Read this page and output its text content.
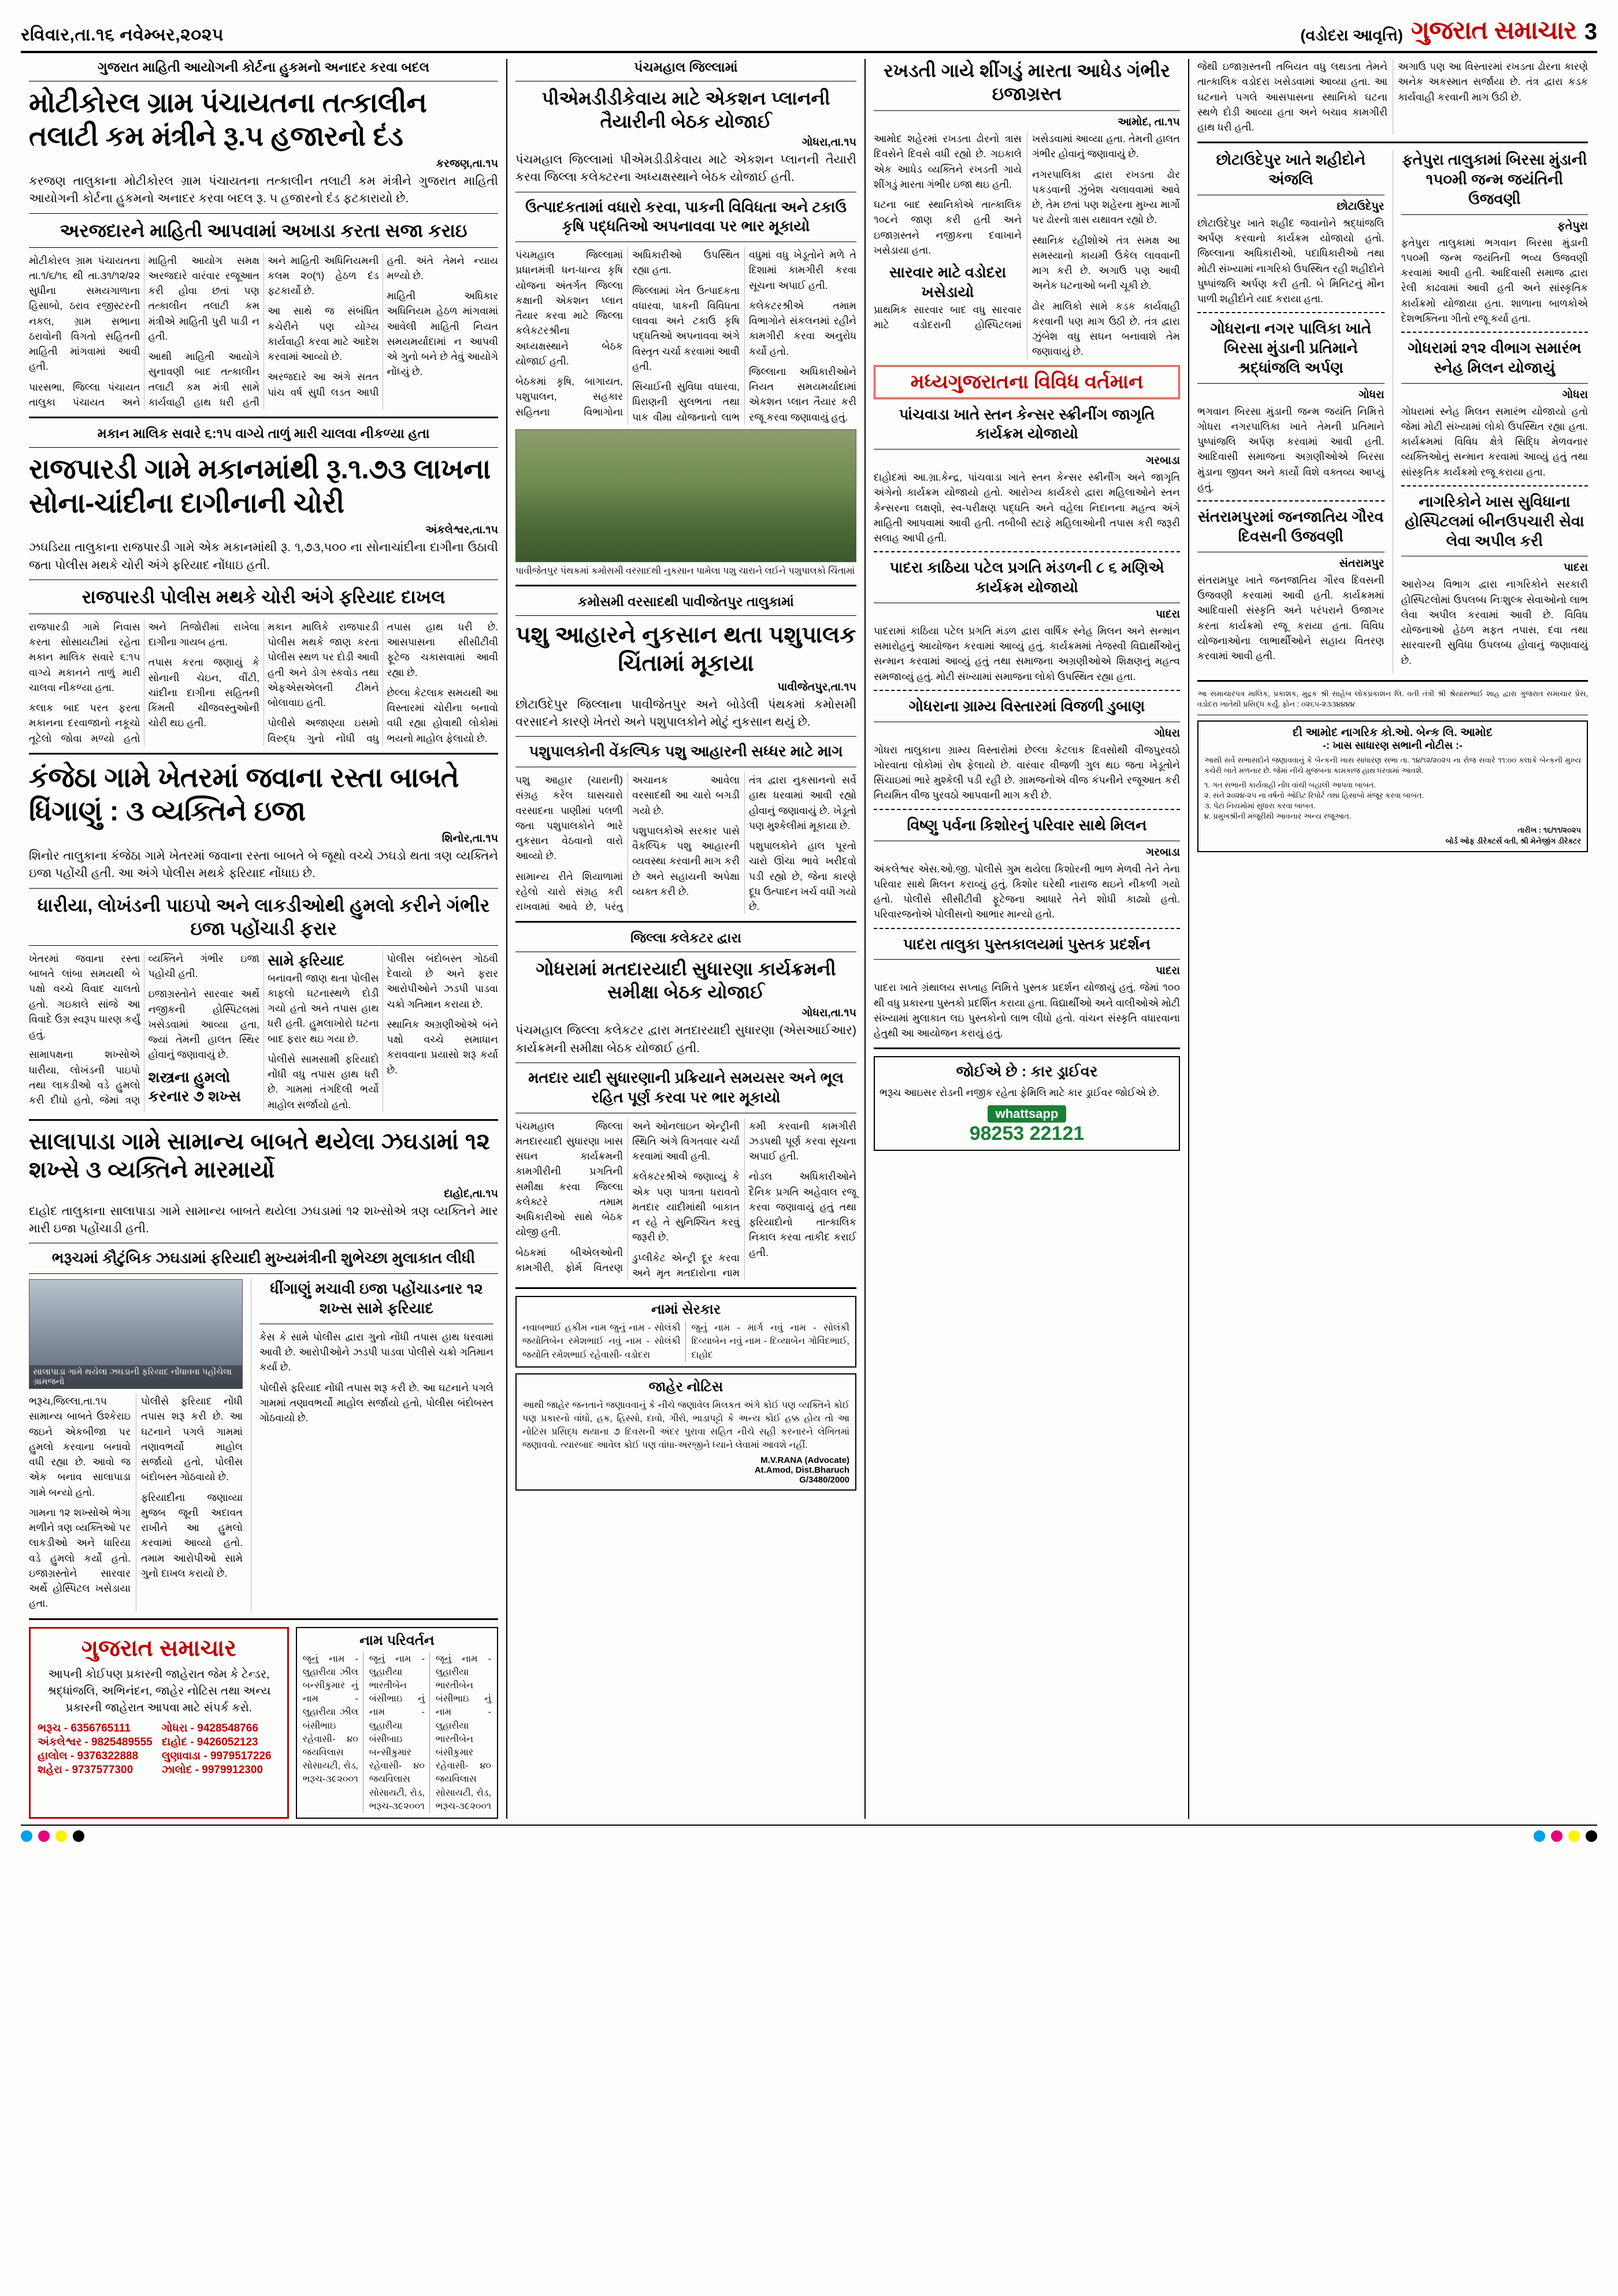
રવિવાર,તા.૧૬ નવેમ્બર,૨૦૨૫	(વડોદરા આવૃત્તિ) ગુજરાત સમાચાર 3
ગુજરાત માહિતી આયોગની કોર્ટના હુકમનો અનાદર કરવા બદલ
મોટીકોરલ ગ્રામ પંચાયતના તત્કાલીન તલાટી કમ મંત્રીને રૂ.૫ હજારનો દંડ
કરજણ,તા.૧૫
કરજણ તાલુકાના મોટીકોરલ ગ્રામ પંચાયતના તત્કાલીન તલાટી કમ મંત્રીને ગુજરાત માહિતી આયોગની કોર્ટના હુકમનો અનાદર કરવા બદલ રૂ. ૫ હજારનો દંડ ફટકારાયો છે.
અરજદારને માહિતી આપવામાં અખાડા કરતા સજા કરાઇ

મોટીકોરલ ગ્રામ પંચાયતના તા.૧/૬/૧૬ થી તા.૩૧/૧૨/૨૨ સુધીના સમયગાળાના હિસાબો, ઠરાવ રજીસ્ટરની નકલ, ગ્રામ સભાના ઠરાવોની વિગતો સહિતની માહિતી માંગવામાં આવી હતી.

પારસભા, જિલ્લા પંચાયત તાલુકા પંચાયત અને માહિતી આયોગ સમક્ષ અરજદારે વારંવાર રજૂઆત કરી હોવા છતાં પણ તત્કાલીન તલાટી કમ મંત્રીએ માહિતી પુરી પાડી ન હતી.

આથી માહિતી આયોગે સુનાવણી બાદ તત્કાલીન તલાટી કમ મંત્રી સામે કાર્યવાહી હાથ ધરી હતી અને માહિતી અધિનિયમની કલમ ૨૦(૧) હેઠળ દંડ ફટકાર્યો છે.

આ સાથે જ સંબંધિત કચેરીને પણ યોગ્ય કાર્યવાહી કરવા માટે આદેશ કરવામાં આવ્યો છે.

અરજદારે આ અંગે સતત પાંચ વર્ષ સુધી લડત આપી હતી. અંતે તેમને ન્યાય મળ્યો છે.

માહિતી અધિકાર અધિનિયમ હેઠળ માંગવામાં આવેલી માહિતી નિયત સમયમર્યાદામાં ન આપવી એ ગુનો બને છે તેવું આયોગે નોંધ્યું છે.

મકાન માલિક સવારે ૬:૧૫ વાગ્યે તાળું મારી ચાલવા નીકળ્યા હતા
રાજપારડી ગામે મકાનમાંથી રૂ.૧.૭૩ લાખના સોના-ચાંદીના દાગીનાની ચોરી
અંકલેશ્વર,તા.૧૫
ઝઘડિયા તાલુકાના રાજપારડી ગામે એક મકાનમાંથી રૂ. ૧,૭૩,૫૦૦ ના સોનાચાંદીના દાગીના ઉઠાવી જતા પોલીસ મથકે ચોરી અંગે ફરિયાદ નોંધાઇ હતી.
રાજપારડી પોલીસ મથકે ચોરી અંગે ફરિયાદ દાખલ

રાજપારડી ગામે નિવાસ કરતા સોસાયટીમાં રહેતા મકાન માલિક સવારે ૬:૧૫ વાગ્યે મકાનને તાળું મારી ચાલવા નીકળ્યા હતા.

કલાક બાદ પરત ફરતા મકાનના દરવાજાનો નકૂચો તૂટેલો જોવા મળ્યો હતો અને તિજોરીમાં રાખેલા દાગીના ગાયબ હતા.

તપાસ કરતા જણાયું કે સોનાની ચેઇન, વીંટી, ચાંદીના દાગીના સહિતની કિંમતી ચીજવસ્તુઓની ચોરી થઇ હતી.

મકાન માલિકે રાજપારડી પોલીસ મથકે જાણ કરતા પોલીસ સ્થળ પર દોડી આવી હતી અને ડોગ સ્કવોડ તથા એફએસએલની ટીમને બોલાવાઇ હતી.

પોલીસે અજાણ્યા ઇસમો વિરુદ્ધ ગુનો નોંધી વધુ તપાસ હાથ ધરી છે. આસપાસના સીસીટીવી ફૂટેજ ચકાસવામાં આવી રહ્યા છે.

છેલ્લા કેટલાક સમયથી આ વિસ્તારમાં ચોરીના બનાવો વધી રહ્યા હોવાથી લોકોમાં ભયનો માહોલ ફેલાયો છે.

કંજેઠા ગામે ખેતરમાં જવાના રસ્તા બાબતે ધિંગાણું : ૩ વ્યક્તિને ઇજા
શિનોર,તા.૧૫
શિનોર તાલુકાના કંજેઠા ગામે ખેતરમાં જવાના રસ્તા બાબતે બે જૂથો વચ્ચે ઝઘડો થતા ત્રણ વ્યક્તિને ઇજા પહોંચી હતી. આ અંગે પોલીસ મથકે ફરિયાદ નોંધાઇ છે.
ધારીયા, લોખંડની પાઇપો અને લાકડીઓથી હુમલો કરીને ગંભીર ઇજા પહોંચાડી ફરાર

ખેતરમાં જવાના રસ્તા બાબતે લાંબા સમયથી બે પક્ષો વચ્ચે વિવાદ ચાલતો હતો. ગઇકાલે સાંજે આ વિવાદે ઉગ્ર સ્વરૂપ ધારણ કર્યું હતું.

સામાપક્ષના શખ્સોએ ધારીયા, લોખંડની પાઇપો તથા લાકડીઓ વડે હુમલો કરી દીધો હતો, જેમાં ત્રણ વ્યક્તિને ગંભીર ઇજા પહોંચી હતી.

ઇજાગ્રસ્તોને સારવાર અર્થે નજીકની હોસ્પિટલમાં ખસેડવામાં આવ્યા હતા, જ્યાં તેમની હાલત સ્થિર હોવાનું જણાવાયું છે.

શસ્ત્રના હુમલો કરનાર ૭ શખ્સ સામે ફરિયાદ

બનાવની જાણ થતા પોલીસ કાફલો ઘટનાસ્થળે દોડી ગયો હતો અને તપાસ હાથ ધરી હતી. હુમલાખોરો ઘટના બાદ ફરાર થઇ ગયા છે.

પોલીસે સામસામી ફરિયાદો નોંધી વધુ તપાસ હાથ ધરી છે. ગામમાં તંગદિલી ભર્યો માહોલ સર્જાયો હતો.

પોલીસ બંદોબસ્ત ગોઠવી દેવાયો છે અને ફરાર આરોપીઓને ઝડપી પાડવા ચક્રો ગતિમાન કરાયા છે.

સ્થાનિક અગ્રણીઓએ બંને પક્ષો વચ્ચે સમાધાન કરાવવાના પ્રયાસો શરૂ કર્યા છે.

સાલાપાડા ગામે સામાન્ય બાબતે થયેલા ઝઘડામાં ૧૨ શખ્સે ૩ વ્યક્તિને મારમાર્યો
દાહોદ,તા.૧૫
દાહોદ તાલુકાના સાલાપાડા ગામે સામાન્ય બાબતે થયેલા ઝઘડામાં ૧૨ શખ્સોએ ત્રણ વ્યક્તિને માર મારી ઇજા પહોંચાડી હતી.
ભરૂચમાં કૌટુંબિક ઝઘડામાં ફરિયાદી મુખ્યમંત્રીની શુભેચ્છા મુલાકાત લીધી
સાલાપાડા ગામે થયેલા ઝઘડાની ફરિયાદ નોંધાવવા પહોંચેલા ગ્રામજનો

ભરૂચ,જિલ્લા,તા.૧૫ સામાન્ય બાબતે ઉશ્કેરાઇ જઇને એકબીજા પર હુમલો કરવાના બનાવો વધી રહ્યા છે. આવો જ એક બનાવ સાલાપાડા ગામે બન્યો હતો.

ગામના ૧૨ શખ્સોએ ભેગા મળીને ત્રણ વ્યક્તિઓ પર લાકડીઓ અને ધારિયા વડે હુમલો કર્યો હતો. ઇજાગ્રસ્તોને સારવાર અર્થે હોસ્પિટલ ખસેડાયા હતા.

પોલીસે ફરિયાદ નોંધી તપાસ શરૂ કરી છે. આ ઘટનાને પગલે ગામમાં તણાવભર્યો માહોલ સર્જાયો હતો, પોલીસ બંદોબસ્ત ગોઠવાયો છે.

ફરિયાદીના જણાવ્યા મુજબ જૂની અદાવત રાખીને આ હુમલો કરવામાં આવ્યો હતો. તમામ આરોપીઓ સામે ગુનો દાખલ કરાયો છે.

ધીંગાણું મચાવી ઇજા પહોંચાડનાર ૧૨ શખ્સ સામે ફરિયાદ

કેસ કે સામે પોલીસ દ્વારા ગુનો નોંધી તપાસ હાથ ધરવામાં આવી છે. આરોપીઓને ઝડપી પાડવા પોલીસે ચક્રો ગતિમાન કર્યા છે.

પોલીસે ફરિયાદ નોંધી તપાસ શરૂ કરી છે. આ ઘટનાને પગલે ગામમાં તણાવભર્યો માહોલ સર્જાયો હતો, પોલીસ બંદોબસ્ત ગોઠવાયો છે.

ગુજરાત સમાચાર
આપની કોઈપણ પ્રકારની જાહેરાત જેમ કે ટેન્ડર, શ્રદ્ધાંજલિ, અભિનંદન, જાહેર નોટિસ તથા અન્ય પ્રકારની જાહેરાત આપવા માટે સંપર્ક કરો.
ભરૂચ - 6356765111	ગોધરા - 9428548766
અંકલેશ્વર - 9825489555 દાહોદ - 9426052123
હાલોલ - 9376322888	લુણાવાડા - 9979517226
શહેરા - 9737577300	ઝાલોદ - 9979912300
નામ પરિવર્તન
જૂનું નામ - લુહારીયા ઝીલ બન્સીકુમાર નું નામ - લુહારીયા ઝીલ બંસીભાઇ રહેવાસી- ૪૦ જયવિલાસ સોસાયટી, રોડ, ભરૂચ-૩૯૨૦૦૧
જૂનું નામ - લુહારીયા ભારતીબેન બંસીભાઇ નું નામ - લુહારીયા બંસીબાઇ બન્સીકુમાર રહેવાસી- ૪૦ જયવિલાસ સોસાયટી, રોડ, ભરૂચ-૩૯૨૦૦૧
જૂનું નામ - લુહારીયા ભારતીબેન બંસીભાઇ નું નામ - લુહારીયા ભારતીબેન બંસીકુમાર રહેવાસી- ૪૦ જયવિલાસ સોસાયટી, રોડ, ભરૂચ-૩૯૨૦૦૧
પંચમહાલ જિલ્લામાં
પીએમડીડીકેવાય માટે એકશન પ્લાનની તૈયારીની બેઠક યોજાઈ
ગોધરા,તા.૧૫
પંચમહાલ જિલ્લામાં પીએમડીડીકેવાય માટે એકશન પ્લાનની તૈયારી કરવા જિલ્લા કલેક્ટરના અધ્યક્ષસ્થાને બેઠક યોજાઈ હતી.
ઉત્પાદકતામાં વધારો કરવા, પાકની વિવિધતા અને ટકાઉ કૃષિ પદ્ધતિઓ અપનાવવા પર ભાર મૂકાયો

પંચમહાલ જિલ્લામાં પ્રધાનમંત્રી ધન-ધાન્ય કૃષિ યોજના અંતર્ગત જિલ્લા કક્ષાની એકશન પ્લાન તૈયાર કરવા માટે જિલ્લા કલેકટરશ્રીના અધ્યક્ષસ્થાને બેઠક યોજાઈ હતી.

બેઠકમાં કૃષિ, બાગાયત, પશુપાલન, સહકાર સહિતના વિભાગોના અધિકારીઓ ઉપસ્થિત રહ્યા હતા.

જિલ્લામાં ખેત ઉત્પાદકતા વધારવા, પાકની વિવિધતા લાવવા અને ટકાઉ કૃષિ પદ્ધતિઓ અપનાવવા અંગે વિસ્તૃત ચર્ચા કરવામાં આવી હતી.

સિંચાઈની સુવિધા વધારવા, ધિરાણની સુલભતા તથા પાક વીમા યોજનાનો લાભ વધુમાં વધુ ખેડૂતોને મળે તે દિશામાં કામગીરી કરવા સૂચના અપાઈ હતી.

કલેકટરશ્રીએ તમામ વિભાગોને સંકલનમાં રહીને કામગીરી કરવા અનુરોધ કર્યો હતો.

જિલ્લાના અધિકારીઓને નિયત સમયમર્યાદામાં એકશન પ્લાન તૈયાર કરી રજૂ કરવા જણાવાયું હતું.

પાવીજેતપુર પંથકમાં કમોસમી વરસાદથી નુકસાન પામેલા પશુ ચારાને લઈને પશુપાલકો ચિંતામાં
કમોસમી વરસાદથી પાવીજેતપુર તાલુકામાં
પશુ આહારને નુકસાન થતા પશુપાલક ચિંતામાં મૂકાયા
પાવીજેતપુર,તા.૧૫
છોટાઉદેપુર જિલ્લાના પાવીજેતપુર અને બોડેલી પંથકમાં કમોસમી વરસાદને કારણે ખેતરો અને પશુપાલકોને મોટું નુકસાન થયું છે.
પશુપાલકોની વેંકલ્પિક પશુ આહારની સધ્ધર માટે માગ

પશુ આહાર (ચારાની) સંગ્રહ કરેલ ઘાસચારો વરસાદના પાણીમાં પલળી જતા પશુપાલકોને ભારે નુકસાન વેઠવાનો વારો આવ્યો છે.

સામાન્ય રીતે શિયાળામાં રહેલો ચારો સંગ્રહ કરી રાખવામાં આવે છે, પરંતુ અચાનક આવેલા વરસાદથી આ ચારો બગડી ગયો છે.

પશુપાલકોએ સરકાર પાસે વૈકલ્પિક પશુ આહારની વ્યવસ્થા કરવાની માગ કરી છે અને સહાયની અપેક્ષા વ્યક્ત કરી છે.

તંત્ર દ્વારા નુકસાનનો સર્વે હાથ ધરવામાં આવી રહ્યો હોવાનું જણાવાયું છે. ખેડૂતો પણ મુશ્કેલીમાં મૂકાયા છે.

પશુપાલકોને હાલ પૂરતો ચારો ઊંચા ભાવે ખરીદવો પડી રહ્યો છે, જેના કારણે દૂધ ઉત્પાદન ખર્ચ વધી ગયો છે.

જિલ્લા કલેકટર દ્વારા
ગોધરામાં મતદારયાદી સુધારણા કાર્યક્રમની સમીક્ષા બેઠક યોજાઈ
ગોધરા,તા.૧૫
પંચમહાલ જિલ્લા કલેકટર દ્વારા મતદારયાદી સુધારણા (એસઆઈઆર) કાર્યક્રમની સમીક્ષા બેઠક યોજાઈ હતી.
મતદાર યાદી સુધારણાની પ્રક્રિયાને સમયસર અને ભૂલ રહિત પૂર્ણ કરવા પર ભાર મૂકાયો

પંચમહાલ જિલ્લા મતદારયાદી સુધારણા ખાસ સઘન કાર્યક્રમની કામગીરીની પ્રગતિની સમીક્ષા કરવા જિલ્લા કલેક્ટરે તમામ અધિકારીઓ સાથે બેઠક યોજી હતી.

બેઠકમાં બીએલઓની કામગીરી, ફોર્મ વિતરણ અને ઓનલાઇન એન્ટ્રીની સ્થિતિ અંગે વિગતવાર ચર્ચા કરવામાં આવી હતી.

કલેકટરશ્રીએ જણાવ્યું કે એક પણ પાત્રતા ધરાવતો મતદાર યાદીમાંથી બાકાત ન રહે તે સુનિશ્ચિત કરવું જરૂરી છે.

ડુપ્લીકેટ એન્ટ્રી દૂર કરવા અને મૃત મતદારોના નામ કમી કરવાની કામગીરી ઝડપથી પૂર્ણ કરવા સૂચના અપાઈ હતી.

નોડલ અધિકારીઓને દૈનિક પ્રગતિ અહેવાલ રજૂ કરવા જણાવાયું હતું તથા ફરિયાદોનો તાત્કાલિક નિકાલ કરવા તાકીદ કરાઈ હતી.

નામાં સેરકાર
નવાબભાઈ હકીમ નામ જુનું નામ - સોલંકી જયોતિબેન રમેશભાઈ નવું નામ - સોલંકી જયોતિ રમેશભાઈ રહેવાસી- વડોદરા
જુનું નામ - માર્ગ નવું નામ - સોલંકી દિવ્યાબેન નવું નામ - દિવ્યાબેન ગોવિંદભાઈ, દાહોદ
જાહેર નોટિસ
આથી જાહેર જનતાને જણાવવાનું કે નીચે જણાવેલ મિલકત અંગે કોઈ પણ વ્યક્તિને કોઈ પણ પ્રકારનો વાંધો, હક, હિસ્સો, દાવો, ગીરો, ભાડાપટ્ટો કે અન્ય કોઈ હક્ક હોય તો આ નોટિસ પ્રસિદ્ધ થયાના ૭ દિવસની અંદર પુરાવા સહિત નીચે સહી કરનારને લેખિતમાં જણાવવો. ત્યારબાદ આવેલ કોઈ પણ વાંધા-અરજીને ધ્યાને લેવામાં આવશે નહીં.
M.V.RANA (Advocate)
At.Amod, Dist.Bharuch
G/3480/2000
રખડતી ગાયે શીંગડું મારતા આધેડ ગંભીર ઇજાગ્રસ્ત
આમોદ, તા.૧૫

આમોદ શહેરમાં રખડતા ઢોરનો ત્રાસ દિવસેને દિવસે વધી રહ્યો છે. ગઇકાલે એક આધેડ વ્યક્તિને રખડતી ગાયે શીંગડું મારતા ગંભીર ઇજા થઇ હતી.

ઘટના બાદ સ્થાનિકોએ તાત્કાલિક ૧૦૮ને જાણ કરી હતી અને ઇજાગ્રસ્તને નજીકના દવાખાને ખસેડાયા હતા.

સારવાર માટે વડોદરા ખસેડાયો

પ્રાથમિક સારવાર બાદ વધુ સારવાર માટે વડોદરાની હોસ્પિટલમાં ખસેડવામાં આવ્યા હતા. તેમની હાલત ગંભીર હોવાનું જણાવાયું છે.

નગરપાલિકા દ્વારા રખડતા ઢોર પકડવાની ઝુંબેશ ચલાવવામાં આવે છે, તેમ છતાં પણ શહેરના મુખ્ય માર્ગો પર ઢોરનો ત્રાસ યથાવત રહ્યો છે.

સ્થાનિક રહીશોએ તંત્ર સમક્ષ આ સમસ્યાનો કાયમી ઉકેલ લાવવાની માગ કરી છે. અગાઉ પણ આવી અનેક ઘટનાઓ બની ચૂકી છે.

ઢોર માલિકો સામે કડક કાર્યવાહી કરવાની પણ માગ ઉઠી છે. તંત્ર દ્વારા ઝુંબેશ વધુ સઘન બનાવાશે તેમ જણાવાયું છે.

મધ્યગુજરાતના વિવિધ વર્તમાન
પાંચવાડા ખાતે સ્તન કેન્સર સ્ક્રીનીંગ જાગૃતિ કાર્યક્રમ યોજાયો
ગરબાડા
દાહોદમાં આ.ગ્રા.કેન્દ્ર, પાંચવાડા ખાતે સ્તન કેન્સર સ્ક્રીનીંગ અને જાગૃતિ અંગેનો કાર્યક્રમ યોજાયો હતો. આરોગ્ય કાર્યકરો દ્વારા મહિલાઓને સ્તન કેન્સરના લક્ષણો, સ્વ-પરીક્ષણ પદ્ધતિ અને વહેલા નિદાનના મહત્વ અંગે માહિતી આપવામાં આવી હતી. તબીબી સ્ટાફે મહિલાઓની તપાસ કરી જરૂરી સલાહ આપી હતી.
પાદરા કાઠિયા પટેલ પ્રગતિ મંડળની ૮ ૬ મણિએ કાર્યક્રમ યોજાયો
પાદરા
પાદરામાં કાઠિયા પટેલ પ્રગતિ મંડળ દ્વારા વાર્ષિક સ્નેહ મિલન અને સન્માન સમારોહનું આયોજન કરવામાં આવ્યું હતું. કાર્યક્રમમાં તેજસ્વી વિદ્યાર્થીઓનું સન્માન કરવામાં આવ્યું હતું તથા સમાજના અગ્રણીઓએ શિક્ષણનું મહત્વ સમજાવ્યું હતું. મોટી સંખ્યામાં સમાજના લોકો ઉપસ્થિત રહ્યા હતા.
ગોધરાના ગ્રામ્ય વિસ્તારમાં વિજળી ડુબાણ
ગોધરા
ગોધરા તાલુકાના ગ્રામ્ય વિસ્તારોમાં છેલ્લા કેટલાક દિવસોથી વીજપુરવઠો ખોરવાતા લોકોમાં રોષ ફેલાયો છે. વારંવાર વીજળી ગુલ થઇ જતા ખેડૂતોને સિંચાઇમાં ભારે મુશ્કેલી પડી રહી છે. ગ્રામજનોએ વીજ કંપનીને રજૂઆત કરી નિયમિત વીજ પુરવઠો આપવાની માગ કરી છે.
વિષ્ણુ પર્વના કિશોરનું પરિવાર સાથે મિલન
ગરબાડા
અંકલેશ્વર એસ.ઓ.જી. પોલીસે ગુમ થયેલા કિશોરની ભાળ મેળવી તેને તેના પરિવાર સાથે મિલન કરાવ્યું હતું. કિશોર ઘરેથી નારાજ થઇને નીકળી ગયો હતો. પોલીસે સીસીટીવી ફૂટેજના આધારે તેને શોધી કાઢ્યો હતો. પરિવારજનોએ પોલીસનો આભાર માન્યો હતો.
પાદરા તાલુકા પુસ્તકાલયમાં પુસ્તક પ્રદર્શન
પાદરા
પાદરા ખાતે ગ્રંથાલય સપ્તાહ નિમિત્તે પુસ્તક પ્રદર્શન યોજાયું હતું. જેમાં ૧૦૦ થી વધુ પ્રકારના પુસ્તકો પ્રદર્શિત કરાયા હતા. વિદ્યાર્થીઓ અને વાલીઓએ મોટી સંખ્યામાં મુલાકાત લઇ પુસ્તકોનો લાભ લીધો હતો. વાંચન સંસ્કૃતિ વધારવાના હેતુથી આ આયોજન કરાયું હતું.
જોઈએ છે : કાર ડ્રાઈવર
ભરૂચ આઇસર રોડની નજીક રહેતા ફેમિલિ માટે કાર ડ્રાઈવર જોઈએ છે.
whattsapp
98253 22121

જેથી ઇજાગ્રસ્તની તબિયત વધુ લથડતા તેમને તાત્કાલિક વડોદરા ખસેડવામાં આવ્યા હતા. આ ઘટનાને પગલે આસપાસના સ્થાનિકો ઘટના સ્થળે દોડી આવ્યા હતા અને બચાવ કામગીરી હાથ ધરી હતી.

અગાઉ પણ આ વિસ્તારમાં રખડતા ઢોરના કારણે અનેક અકસ્માત સર્જાયા છે. તંત્ર દ્વારા કડક કાર્યવાહી કરવાની માગ ઉઠી છે.

છોટાઉદેપુર ખાતે શહીદોને અંજલિ
છોટાઉદેપુર
છોટાઉદેપુર ખાતે શહીદ જવાનોને શ્રદ્ધાંજલિ અર્પણ કરવાનો કાર્યક્રમ યોજાયો હતો. જિલ્લાના અધિકારીઓ, પદાધિકારીઓ તથા મોટી સંખ્યામાં નાગરિકો ઉપસ્થિત રહી શહીદોને પુષ્પાંજલિ અર્પણ કરી હતી. બે મિનિટનું મૌન પાળી શહીદોને યાદ કરાયા હતા.
ગોધરાના નગર પાલિકા ખાતે બિરસા મુંડાની પ્રતિમાને શ્રદ્ધાંજલિ અર્પણ
ગોધરા
ભગવાન બિરસા મુંડાની જન્મ જયંતિ નિમિત્તે ગોધરા નગરપાલિકા ખાતે તેમની પ્રતિમાને પુષ્પાંજલિ અર્પણ કરવામાં આવી હતી. આદિવાસી સમાજના અગ્રણીઓએ બિરસા મુંડાના જીવન અને કાર્યો વિશે વક્તવ્ય આપ્યું હતું.
સંતરામપુરમાં જનજાતિય ગૌરવ દિવસની ઉજવણી
સંતરામપુર
સંતરામપુર ખાતે જનજાતિય ગૌરવ દિવસની ઉજવણી કરવામાં આવી હતી. કાર્યક્રમમાં આદિવાસી સંસ્કૃતિ અને પરંપરાને ઉજાગર કરતા કાર્યક્રમો રજૂ કરાયા હતા. વિવિધ યોજનાઓના લાભાર્થીઓને સહાય વિતરણ કરવામાં આવી હતી.
ફતેપુરા તાલુકામાં બિરસા મુંડાની ૧૫૦મી જન્મ જયંતિની ઉજવણી
ફતેપુરા
ફતેપુરા તાલુકામાં ભગવાન બિરસા મુંડાની ૧૫૦મી જન્મ જયંતિની ભવ્ય ઉજવણી કરવામાં આવી હતી. આદિવાસી સમાજ દ્વારા રેલી કાઢવામાં આવી હતી અને સાંસ્કૃતિક કાર્યક્રમો યોજાયા હતા. શાળાના બાળકોએ દેશભક્તિના ગીતો રજૂ કર્યા હતા.
ગોધરામાં ૨૧૨ વીભાગ સમારંભ સ્નેહ મિલન યોજાયું
ગોધરા
ગોધરામાં સ્નેહ મિલન સમારંભ યોજાયો હતો જેમાં મોટી સંખ્યામાં લોકો ઉપસ્થિત રહ્યા હતા. કાર્યક્રમમાં વિવિધ ક્ષેત્રે સિદ્ધિ મેળવનાર વ્યક્તિઓનું સન્માન કરવામાં આવ્યું હતું તથા સાંસ્કૃતિક કાર્યક્રમો રજૂ કરાયા હતા.
નાગરિકોને ખાસ સુવિધાના હોસ્પિટલમાં બીનઉપચારી સેવા લેવા અપીલ કરી
પાદરા
આરોગ્ય વિભાગ દ્વારા નાગરિકોને સરકારી હોસ્પિટલોમાં ઉપલબ્ધ નિઃશુલ્ક સેવાઓનો લાભ લેવા અપીલ કરવામાં આવી છે. વિવિધ યોજનાઓ હેઠળ મફત તપાસ, દવા તથા સારવારની સુવિધા ઉપલબ્ધ હોવાનું જણાવાયું છે.
આ સમાચારપત્ર માલિક, પ્રકાશક, મુદ્રક શ્રી સાહેબ લોકપ્રકાશન લિ. વતી તંત્રી શ્રી શ્રેયાંસભાઈ શાહ દ્વારા ગુજરાત સમાચાર પ્રેસ, વડોદરા ખાતેથી પ્રસિદ્ધ કર્યું. ફોન : ૦૨૬૫-૨૩૩૪૪૪૪
દી આમોદ નાગરિક કો.ઓ. બેન્ક લિ. આમોદ
-: ખાસ સાધારણ સભાની નોટીસ :-
આથી સર્વે સભાસદોને જણાવવાનું કે બેન્કની ખાસ સાધારણ સભા તા. ૧૪/૧૨/૨૦૨૫ ના રોજ સવારે ૧૧:૦૦ કલાકે બેન્કની મુખ્ય કચેરી ખાતે મળનાર છે. જેમાં નીચે મુજબના કામકાજ હાથ ધરવામાં આવશે.
૧. ગત સભાની કાર્યવાહી નોંધ વાંચી બહાલી આપવા બાબત.
૨. સને ૨૦૨૪-૨૫ ના વર્ષનો ઓડિટ રિપોર્ટ તથા હિસાબો મંજૂર કરવા બાબત.
૩. પેટા નિયમોમાં સુધારા કરવા બાબત.
૪. પ્રમુખશ્રીની મંજૂરીથી આવનાર અન્ય રજૂઆત.
તારીખ : ૧૬/૧૧/૨૦૨૫
બોર્ડ ઓફ ડીરેક્ટર્સ વતી, શ્રી મેનેજીંગ ડીરેક્ટર
